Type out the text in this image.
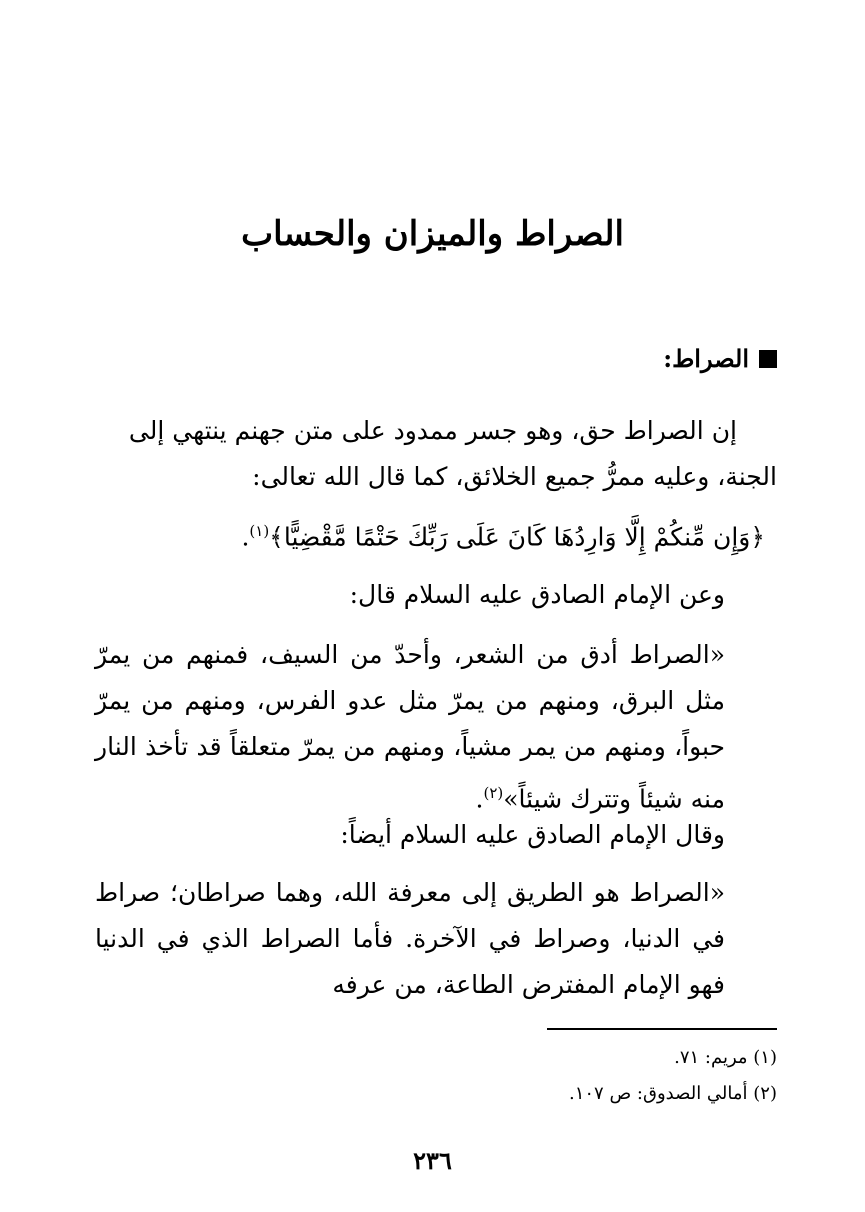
الصراط والميزان والحساب
الصراط:
إن الصراط حق، وهو جسر ممدود على متن جهنم ينتهي إلى
الجنة، وعليه ممرُّ جميع الخلائق، كما قال الله تعالى:
﴿وَإِن مِّنكُمْ إِلَّا وَارِدُهَا كَانَ عَلَى رَبِّكَ حَتْمًا مَّقْضِيًّا﴾$^{(١)}$.
وعن الإمام الصادق عليه السلام قال:
«الصراط أدق من الشعر، وأحدّ من السيف، فمنهم من يمرّ مثل البرق، ومنهم من يمرّ مثل عدو الفرس، ومنهم من يمرّ حبواً، ومنهم من يمر مشياً، ومنهم من يمرّ متعلقاً قد تأخذ النار منه شيئاً وتترك شيئاً»$^{(٢)}$.
وقال الإمام الصادق عليه السلام أيضاً:
«الصراط هو الطريق إلى معرفة الله، وهما صراطان؛ صراط في الدنيا، وصراط في الآخرة. فأما الصراط الذي في الدنيا فهو الإمام المفترض الطاعة، من عرفه
(١) مريم: ٧١.
(٢) أمالي الصدوق: ص ١٠٧.
٢٣٦
